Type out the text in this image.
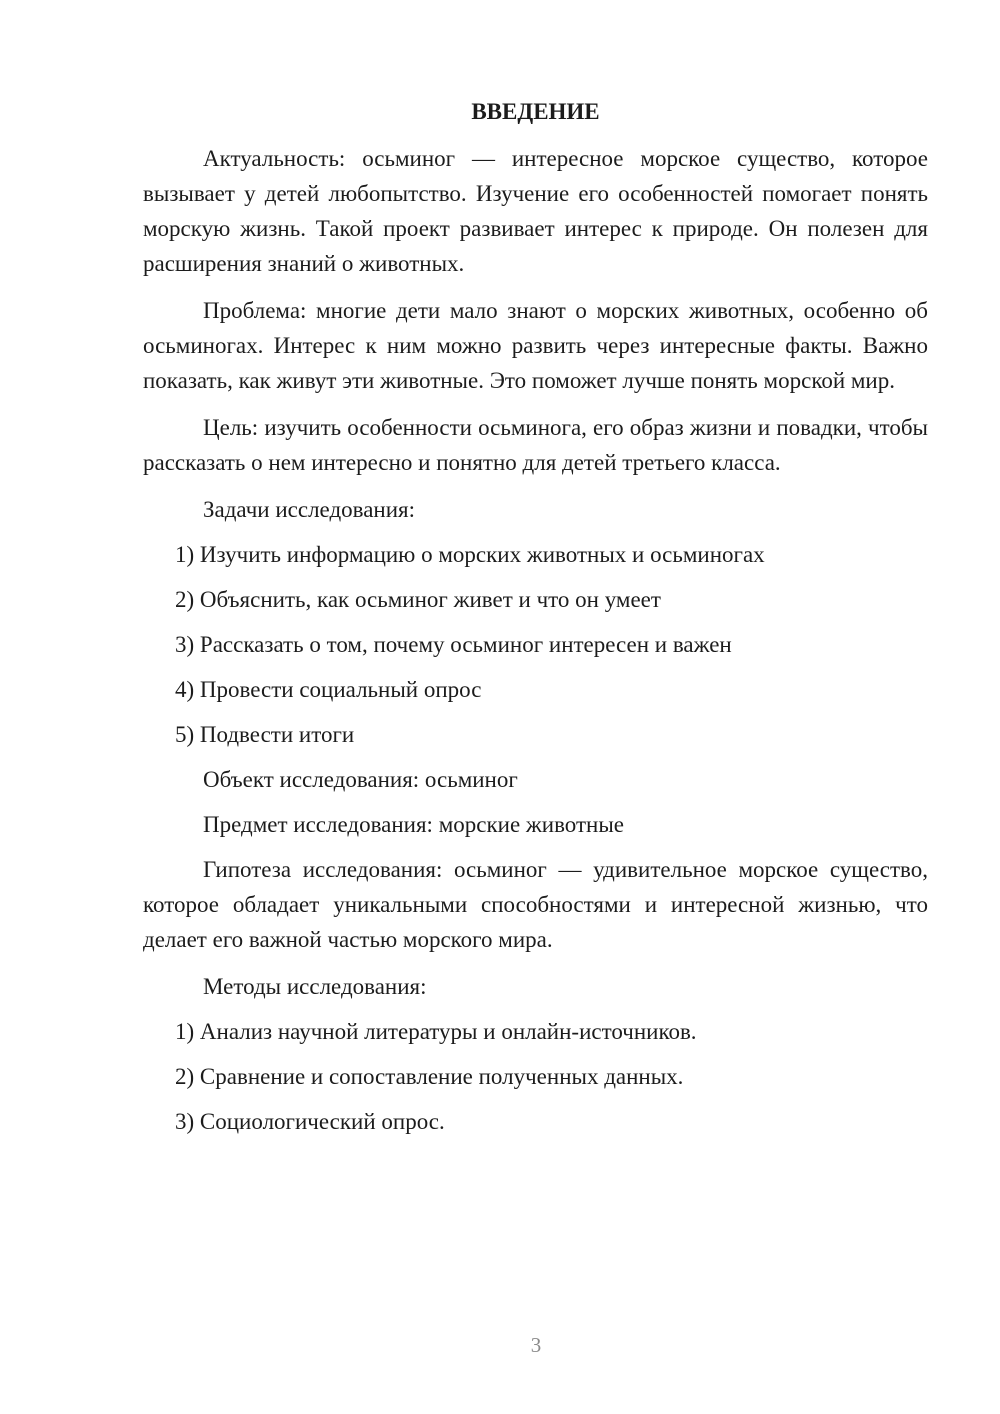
ВВЕДЕНИЕ
Актуальность: осьминог — интересное морское существо, которое вызывает у детей любопытство. Изучение его особенностей помогает понять морскую жизнь. Такой проект развивает интерес к природе. Он полезен для расширения знаний о животных.
Проблема: многие дети мало знают о морских животных, особенно об осьминогах. Интерес к ним можно развить через интересные факты. Важно показать, как живут эти животные. Это поможет лучше понять морской мир.
Цель: изучить особенности осьминога, его образ жизни и повадки, чтобы рассказать о нем интересно и понятно для детей третьего класса.
Задачи исследования:
1) Изучить информацию о морских животных и осьминогах
2) Объяснить, как осьминог живет и что он умеет
3) Рассказать о том, почему осьминог интересен и важен
4) Провести социальный опрос
5) Подвести итоги
Объект исследования: осьминог
Предмет исследования: морские животные
Гипотеза исследования: осьминог — удивительное морское существо, которое обладает уникальными способностями и интересной жизнью, что делает его важной частью морского мира.
Методы исследования:
1) Анализ научной литературы и онлайн-источников.
2) Сравнение и сопоставление полученных данных.
3) Социологический опрос.
3
